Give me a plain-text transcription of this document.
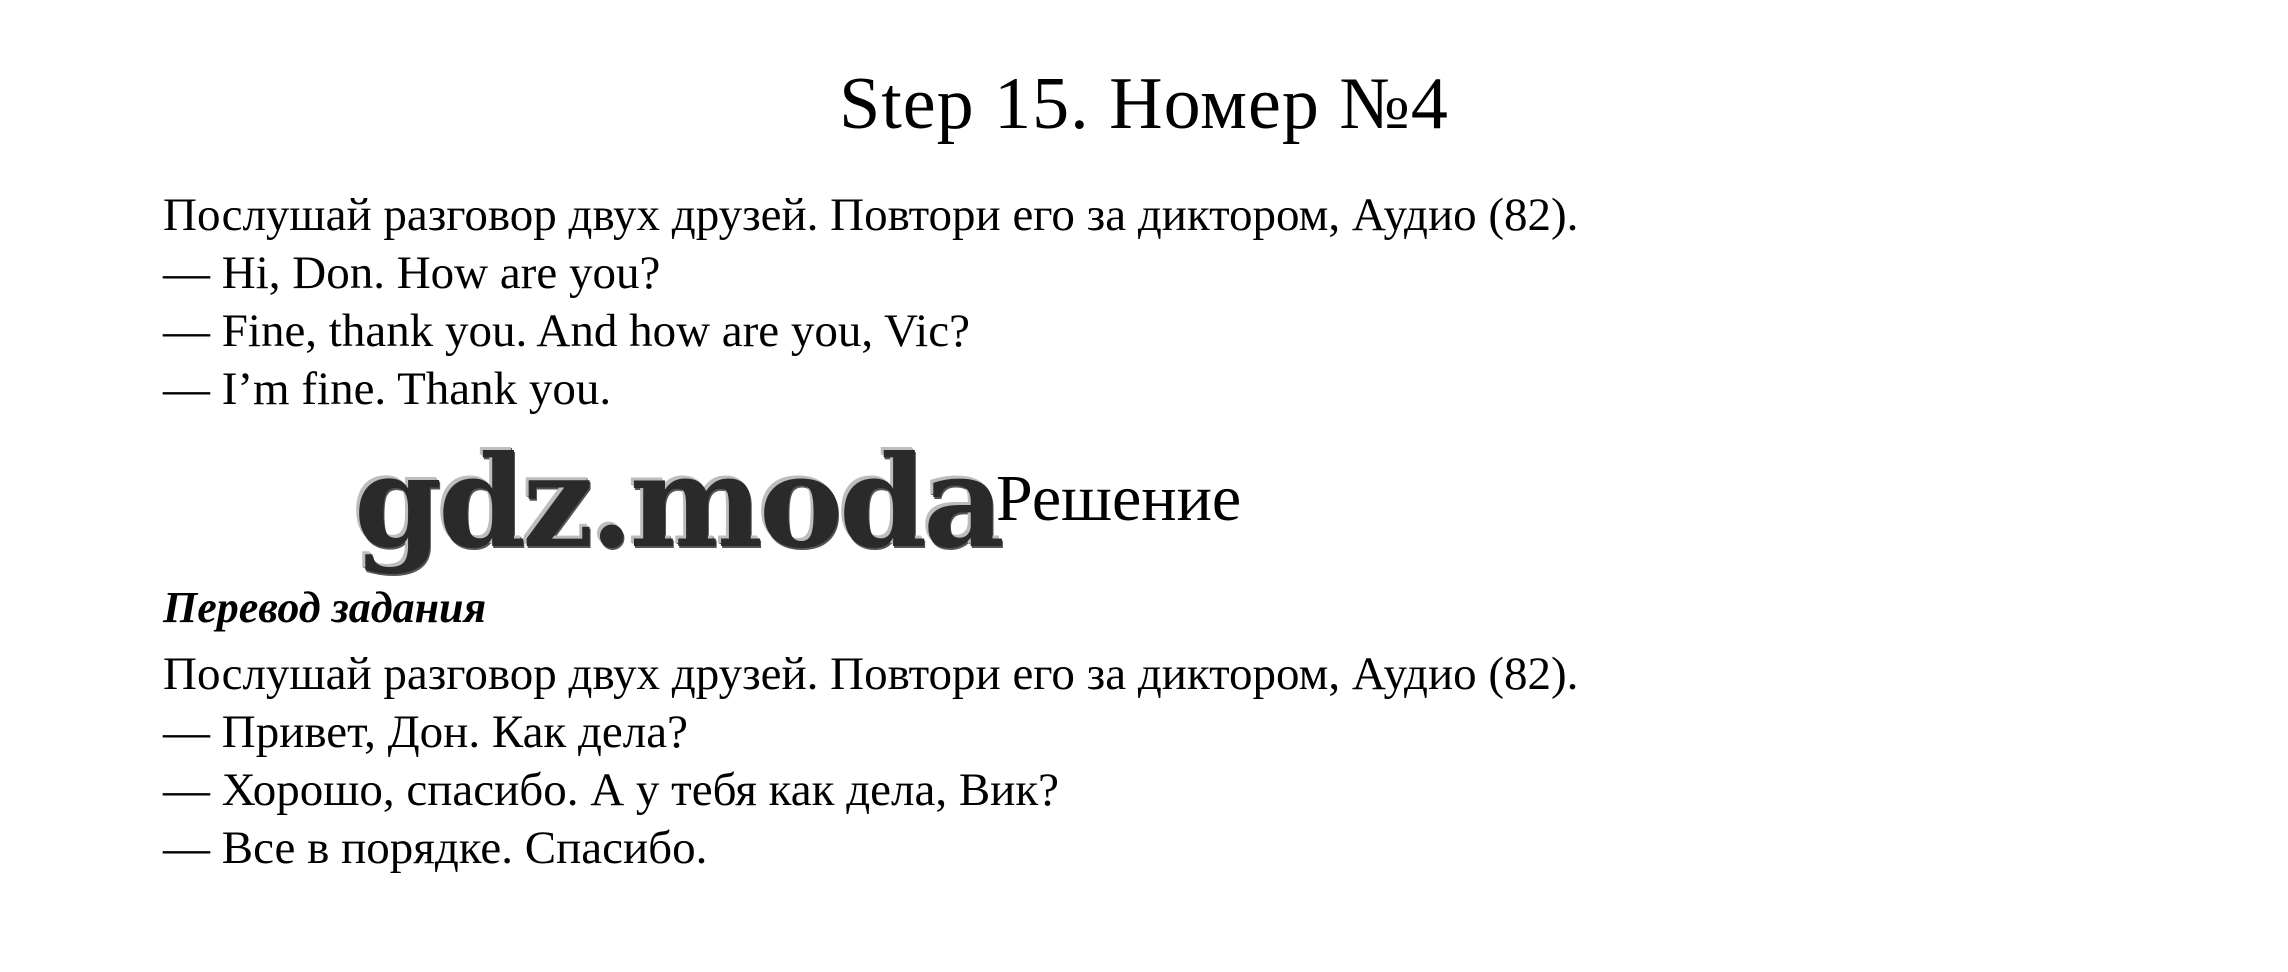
Step 15. Номер №4
Послушай разговор двух друзей. Повтори его за диктором, Аудио (82).
— Hi, Don. How are you?
— Fine, thank you. And how are you, Vic?
— I’m fine. Thank you.
gdz.moda
Решение
Перевод задания
Послушай разговор двух друзей. Повтори его за диктором, Аудио (82).
— Привет, Дон. Как дела?
— Хорошо, спасибо. А у тебя как дела, Вик?
— Все в порядке. Спасибо.
